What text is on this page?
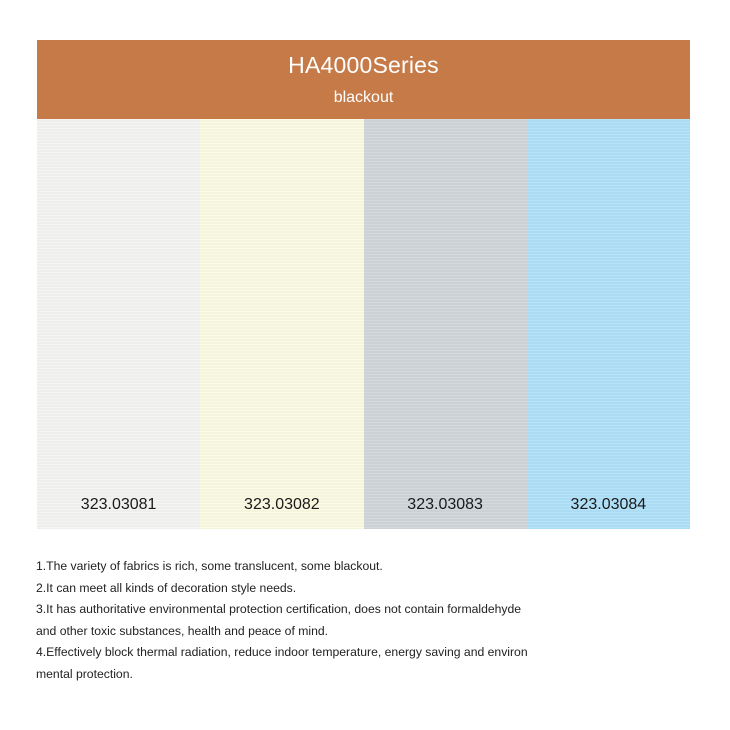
HA4000Series
blackout
323.03081	323.03082	323.03083	323.03084

1.The variety of fabrics is rich, some translucent, some blackout.

2.It can meet all kinds of decoration style needs.

3.It has authoritative environmental protection certification, does not contain formaldehyde

and other toxic substances, health and peace of mind.

4.Effectively block thermal radiation, reduce indoor temperature, energy saving and environ

mental protection.
